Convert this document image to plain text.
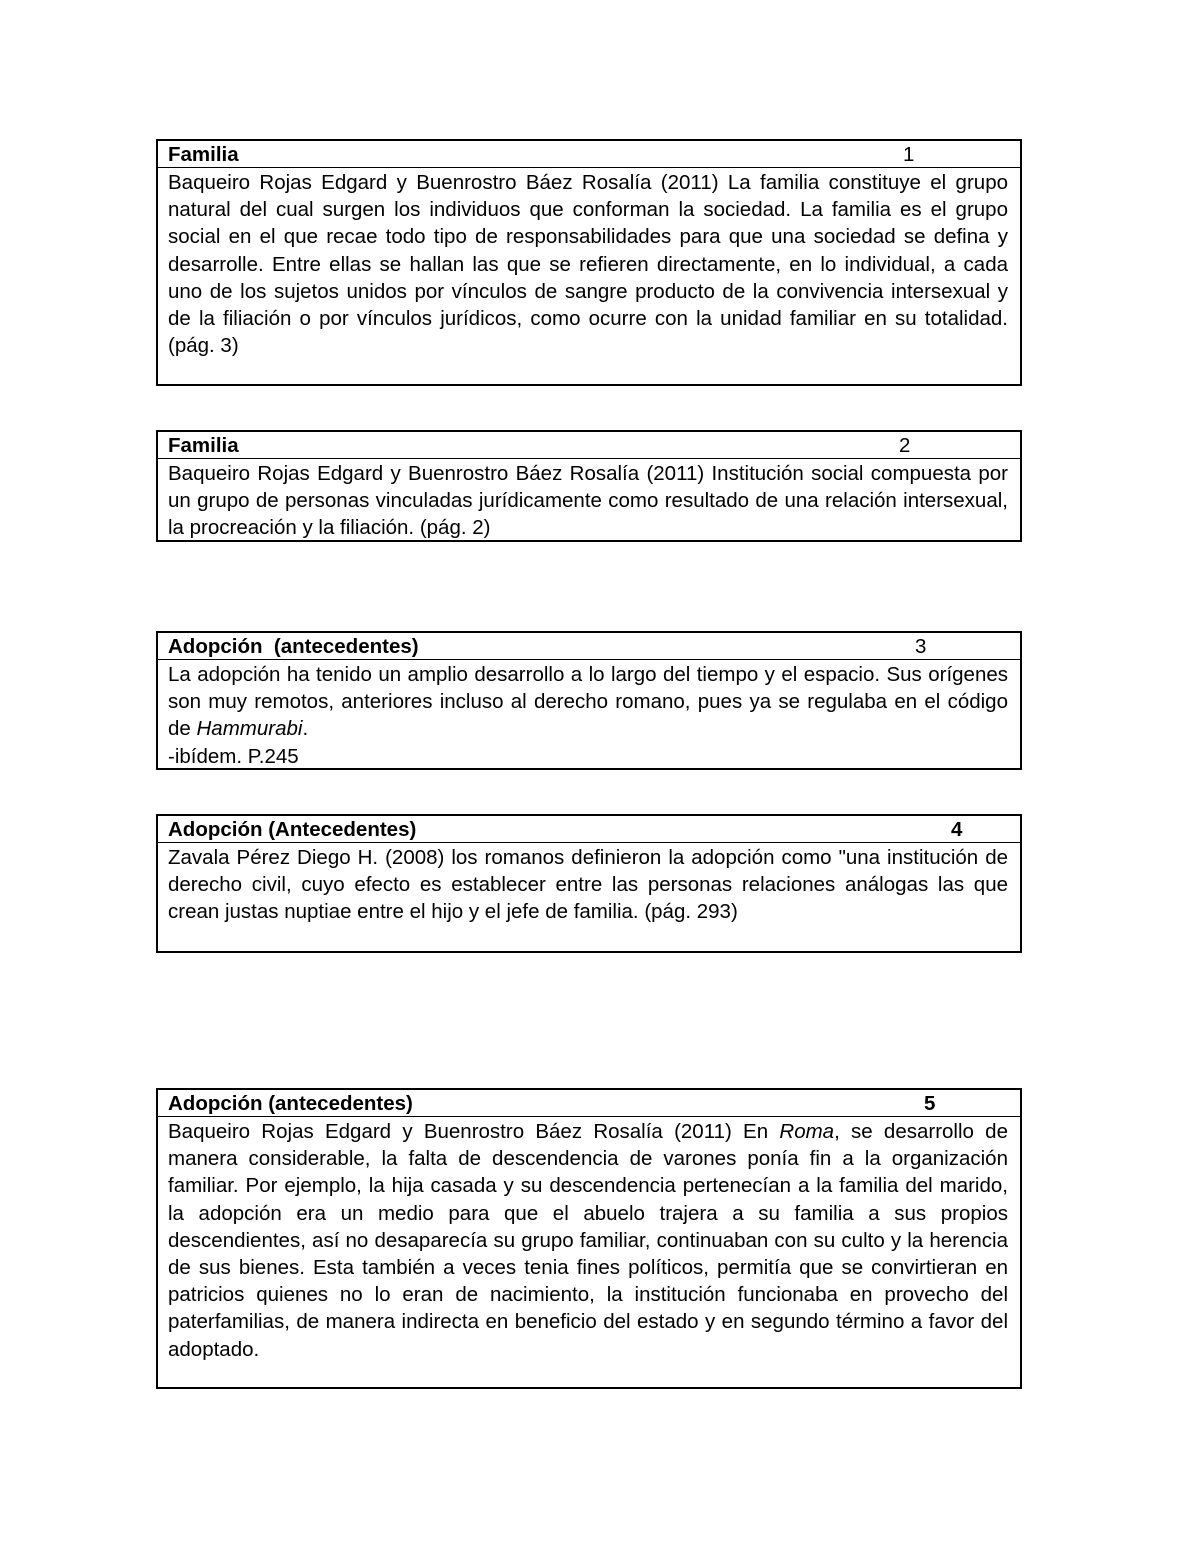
Familia	1

Baqueiro Rojas Edgard y Buenrostro Báez Rosalía (2011) La familia constituye el grupo natural del cual surgen los individuos que conforman la sociedad. La familia es el grupo social en el que recae todo tipo de responsabilidades para que una sociedad se defina y desarrolle. Entre ellas se hallan las que se refieren directamente, en lo individual, a cada uno de los sujetos unidos por vínculos de sangre producto de la convivencia intersexual y de la filiación o por vínculos jurídicos, como ocurre con la unidad familiar en su totalidad. (pág. 3)

Familia	2

Baqueiro Rojas Edgard y Buenrostro Báez Rosalía (2011) Institución social compuesta por un grupo de personas vinculadas jurídicamente como resultado de una relación intersexual, la procreación y la filiación. (pág. 2)

Adopción  (antecedentes)	3

La adopción ha tenido un amplio desarrollo a lo largo del tiempo y el espacio. Sus orígenes son muy remotos, anteriores incluso al derecho romano, pues ya se regulaba en el código de Hammurabi.

-ibídem. P.245

Adopción (Antecedentes)	4

Zavala Pérez Diego H. (2008) los romanos definieron la adopción como "una institución de derecho civil, cuyo efecto es establecer entre las personas relaciones análogas las que crean justas nuptiae entre el hijo y el jefe de familia. (pág. 293)

Adopción (antecedentes)	5

Baqueiro Rojas Edgard y Buenrostro Báez Rosalía (2011) En Roma, se desarrollo de manera considerable, la falta de descendencia de varones ponía fin a la organización familiar. Por ejemplo, la hija casada y su descendencia pertenecían a la familia del marido, la adopción era un medio para que el abuelo trajera a su familia a sus propios descendientes, así no desaparecía su grupo familiar, continuaban con su culto y la herencia de sus bienes. Esta también a veces tenia fines políticos, permitía que se convirtieran en patricios quienes no lo eran de nacimiento, la institución funcionaba en provecho del paterfamilias, de manera indirecta en beneficio del estado y en segundo término a favor del adoptado.
